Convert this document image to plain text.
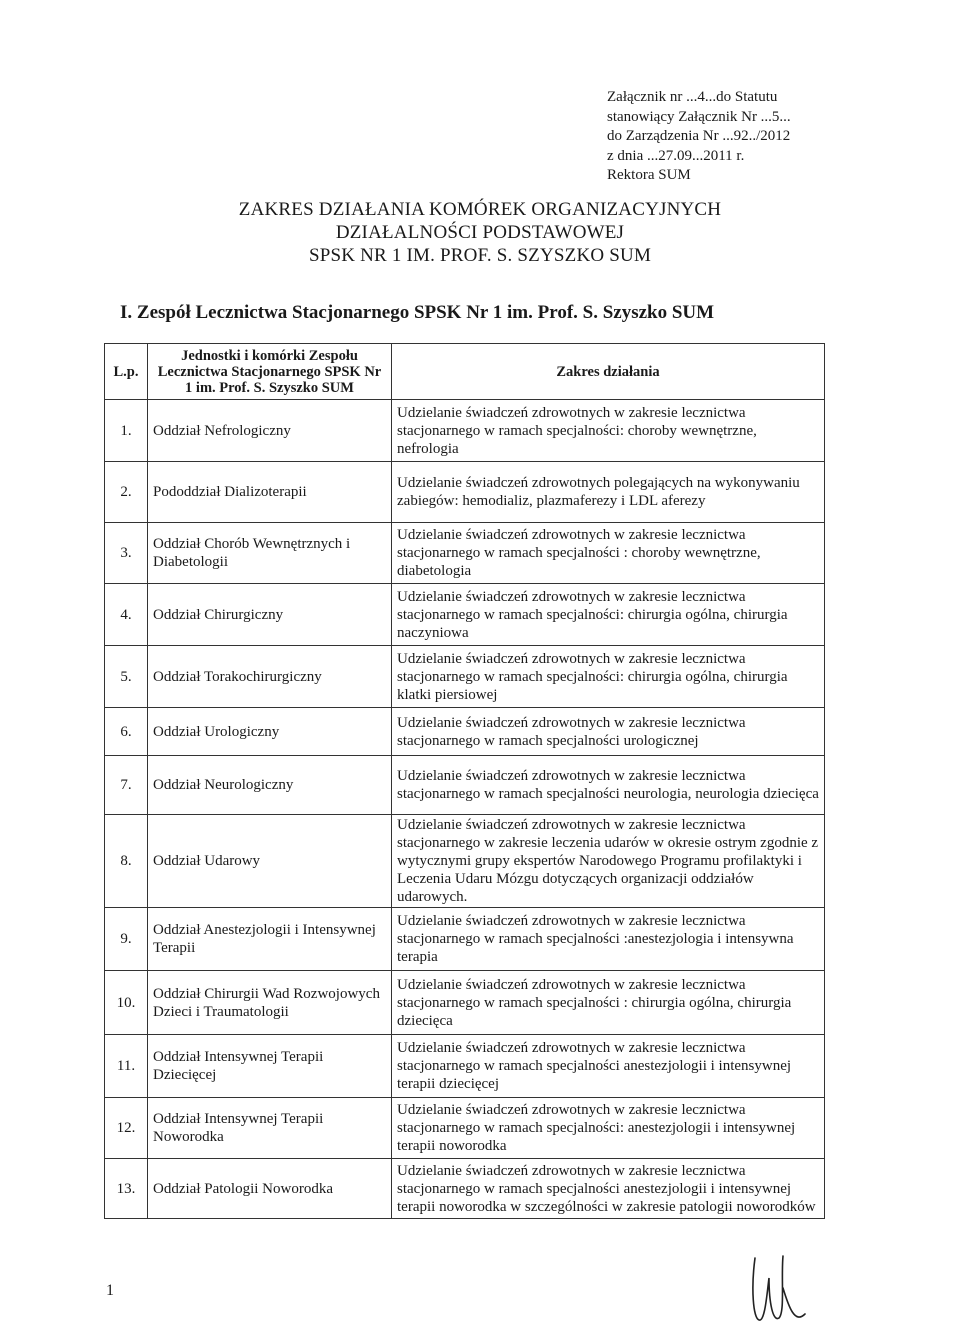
Załącznik nr ...4...do Statutu
stanowiący Załącznik Nr ...5...
do Zarządzenia Nr ...92../2012
z dnia ...27.09...2011 r.
Rektora SUM
ZAKRES DZIAŁANIA KOMÓREK ORGANIZACYJNYCH
DZIAŁALNOŚCI PODSTAWOWEJ
SPSK NR 1 IM. PROF. S. SZYSZKO SUM
I. Zespół Lecznictwa Stacjonarnego SPSK Nr 1 im. Prof. S. Szyszko SUM
L.p.	Jednostki i komórki Zespołu Lecznictwa Stacjonarnego SPSK Nr 1 im. Prof. S. Szyszko SUM	Zakres działania
1.	Oddział Nefrologiczny	Udzielanie świadczeń zdrowotnych w zakresie lecznictwa stacjonarnego w ramach specjalności: choroby wewnętrzne, nefrologia
2.	Pododdział Dializoterapii	Udzielanie świadczeń zdrowotnych polegających na wykonywaniu zabiegów: hemodializ, plazmaferezy i LDL aferezy
3.	Oddział Chorób Wewnętrznych i Diabetologii	Udzielanie świadczeń zdrowotnych w zakresie lecznictwa stacjonarnego w ramach specjalności : choroby wewnętrzne, diabetologia
4.	Oddział Chirurgiczny	Udzielanie świadczeń zdrowotnych w zakresie lecznictwa stacjonarnego w ramach specjalności: chirurgia ogólna, chirurgia naczyniowa
5.	Oddział Torakochirurgiczny	Udzielanie świadczeń zdrowotnych w zakresie lecznictwa stacjonarnego w ramach specjalności: chirurgia ogólna, chirurgia klatki piersiowej
6.	Oddział Urologiczny	Udzielanie świadczeń zdrowotnych w zakresie lecznictwa stacjonarnego w ramach specjalności urologicznej
7.	Oddział Neurologiczny	Udzielanie świadczeń zdrowotnych w zakresie lecznictwa stacjonarnego w ramach specjalności neurologia, neurologia dziecięca
8.	Oddział Udarowy	Udzielanie świadczeń zdrowotnych w zakresie lecznictwa stacjonarnego w zakresie leczenia udarów w okresie ostrym zgodnie z wytycznymi grupy ekspertów Narodowego Programu profilaktyki i Leczenia Udaru Mózgu dotyczących organizacji oddziałów udarowych.
9.	Oddział Anestezjologii i Intensywnej Terapii	Udzielanie świadczeń zdrowotnych w zakresie lecznictwa stacjonarnego w ramach specjalności :anestezjologia i intensywna terapia
10.	Oddział Chirurgii Wad Rozwojowych Dzieci i Traumatologii	Udzielanie świadczeń zdrowotnych w zakresie lecznictwa stacjonarnego w ramach specjalności : chirurgia ogólna, chirurgia dziecięca
11.	Oddział Intensywnej Terapii Dziecięcej	Udzielanie świadczeń zdrowotnych w zakresie lecznictwa stacjonarnego w ramach specjalności anestezjologii i intensywnej terapii dziecięcej
12.	Oddział Intensywnej Terapii Noworodka	Udzielanie świadczeń zdrowotnych w zakresie lecznictwa stacjonarnego w ramach specjalności: anestezjologii i intensywnej terapii noworodka
13.	Oddział Patologii Noworodka	Udzielanie świadczeń zdrowotnych w zakresie lecznictwa stacjonarnego w ramach specjalności anestezjologii i intensywnej terapii noworodka w szczególności w zakresie patologii noworodków
1
